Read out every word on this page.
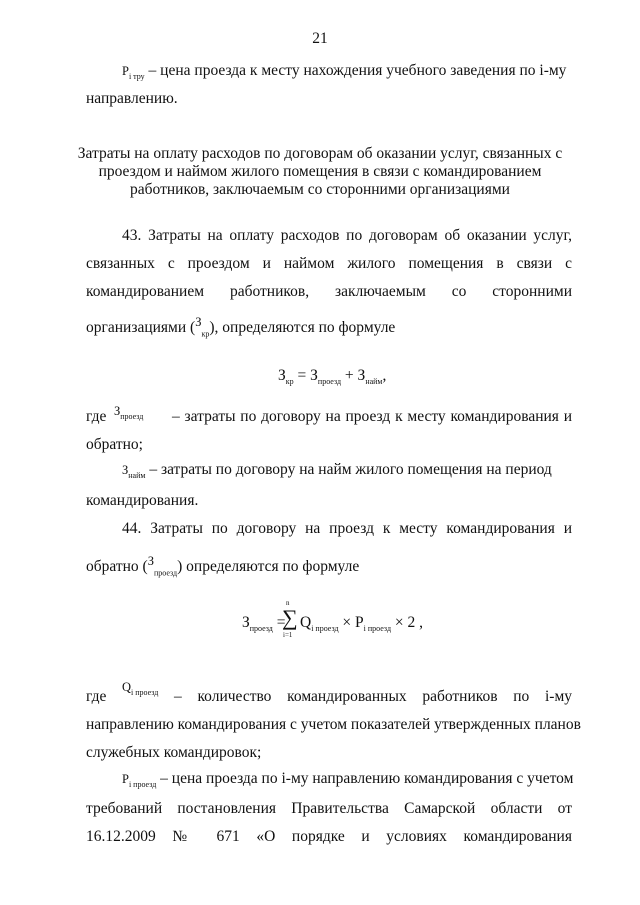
21
$P_{i тру}$ – цена проезда к месту нахождения учебного заведения по i-му
направлению.
Затраты на оплату расходов по договорам об оказании услуг, связанных с
проездом и наймом жилого помещения в связи с командированием
работников, заключаемым со сторонними организациями
43. Затраты на оплату расходов по договорам об оказании услуг,
связанных с проездом и наймом жилого помещения в связи с
командированием работников, заключаемым со сторонними
организациями ($^З_{кр}$), определяются по формуле
$З_{кр} = З_{проезд} + З_{найм}$,
где $З_{проезд}$ – затраты по договору на проезд к месту командирования и
обратно;
$З_{найм}$ – затраты по договору на найм жилого помещения на период
командирования.
44. Затраты по договору на проезд к месту командирования и
обратно ($^З_{проезд}$) определяются по формуле
$З_{проезд}$ =
n
∑
i=1
$Q_{i проезд} \times P_{i проезд} \times 2$ ,
где
$Q_{i проезд}$ – количество командированных работников по i-му
направлению командирования с учетом показателей утвержденных планов
служебных командировок;
$P_{i проезд}$ – цена проезда по i-му направлению командирования с учетом
требований постановления Правительства Самарской области от
16.12.2009 № 671 «О порядке и условиях командирования
